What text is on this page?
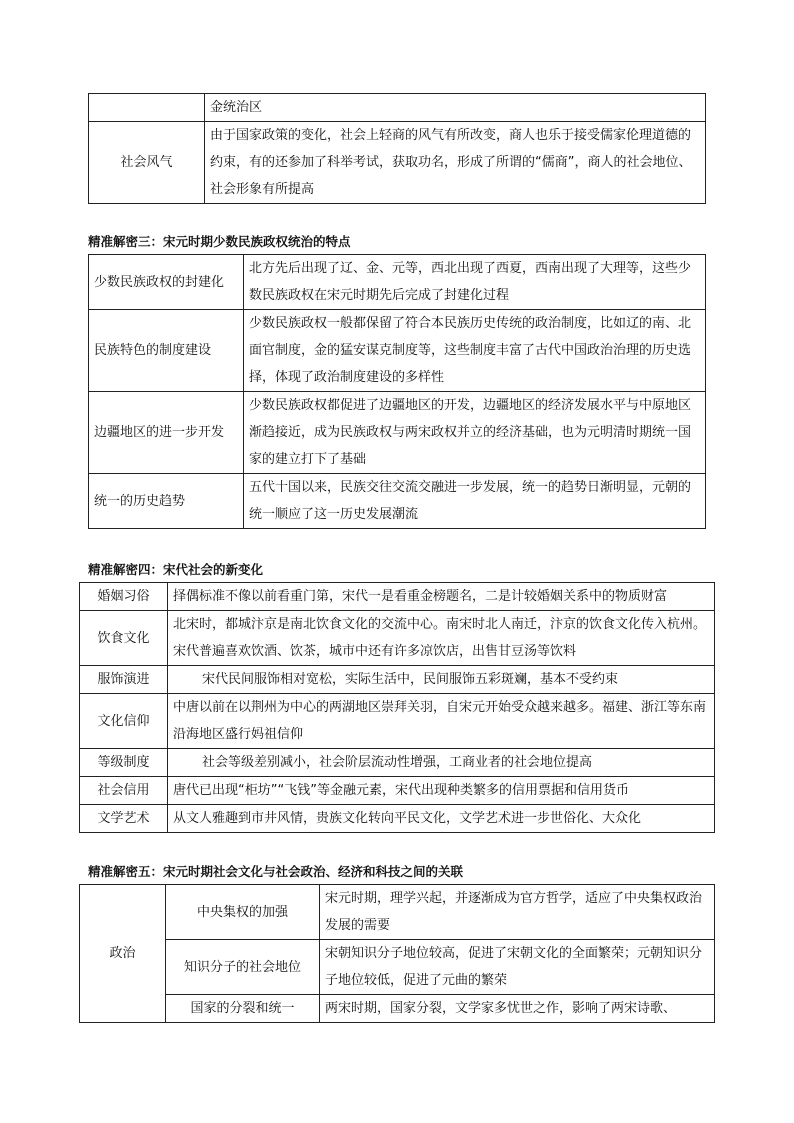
	金统治区
社会风气	由于国家政策的变化，社会上轻商的风气有所改变，商人也乐于接受儒家伦理道德的约束，有的还参加了科举考试，获取功名，形成了所谓的“儒商”，商人的社会地位、社会形象有所提高
精准解密三：宋元时期少数民族政权统治的特点
少数民族政权的封建化	北方先后出现了辽、金、元等，西北出现了西夏，西南出现了大理等，这些少数民族政权在宋元时期先后完成了封建化过程
民族特色的制度建设	少数民族政权一般都保留了符合本民族历史传统的政治制度，比如辽的南、北面官制度，金的猛安谋克制度等，这些制度丰富了古代中国政治治理的历史选择，体现了政治制度建设的多样性
边疆地区的进一步开发	少数民族政权都促进了边疆地区的开发，边疆地区的经济发展水平与中原地区渐趋接近，成为民族政权与两宋政权并立的经济基础，也为元明清时期统一国家的建立打下了基础
统一的历史趋势	五代十国以来，民族交往交流交融进一步发展，统一的趋势日渐明显，元朝的统一顺应了这一历史发展潮流
精准解密四：宋代社会的新变化
婚姻习俗	择偶标准不像以前看重门第，宋代一是看重金榜题名，二是计较婚姻关系中的物质财富
饮食文化	北宋时，都城汴京是南北饮食文化的交流中心。南宋时北人南迁，汴京的饮食文化传入杭州。宋代普遍喜欢饮酒、饮茶，城市中还有许多凉饮店，出售甘豆汤等饮料
服饰演进	宋代民间服饰相对宽松，实际生活中，民间服饰五彩斑斓，基本不受约束
文化信仰	中唐以前在以荆州为中心的两湖地区崇拜关羽，自宋元开始受众越来越多。福建、浙江等东南沿海地区盛行妈祖信仰
等级制度	社会等级差别减小，社会阶层流动性增强，工商业者的社会地位提高
社会信用	唐代已出现“柜坊”“飞钱”等金融元素，宋代出现种类繁多的信用票据和信用货币
文学艺术	从文人雅趣到市井风情，贵族文化转向平民文化，文学艺术进一步世俗化、大众化
精准解密五：宋元时期社会文化与社会政治、经济和科技之间的关联
政治	中央集权的加强	宋元时期，理学兴起，并逐渐成为官方哲学，适应了中央集权政治发展的需要
	知识分子的社会地位	宋朝知识分子地位较高，促进了宋朝文化的全面繁荣；元朝知识分子地位较低，促进了元曲的繁荣
	国家的分裂和统一	两宋时期，国家分裂，文学家多忧世之作，影响了两宋诗歌、
